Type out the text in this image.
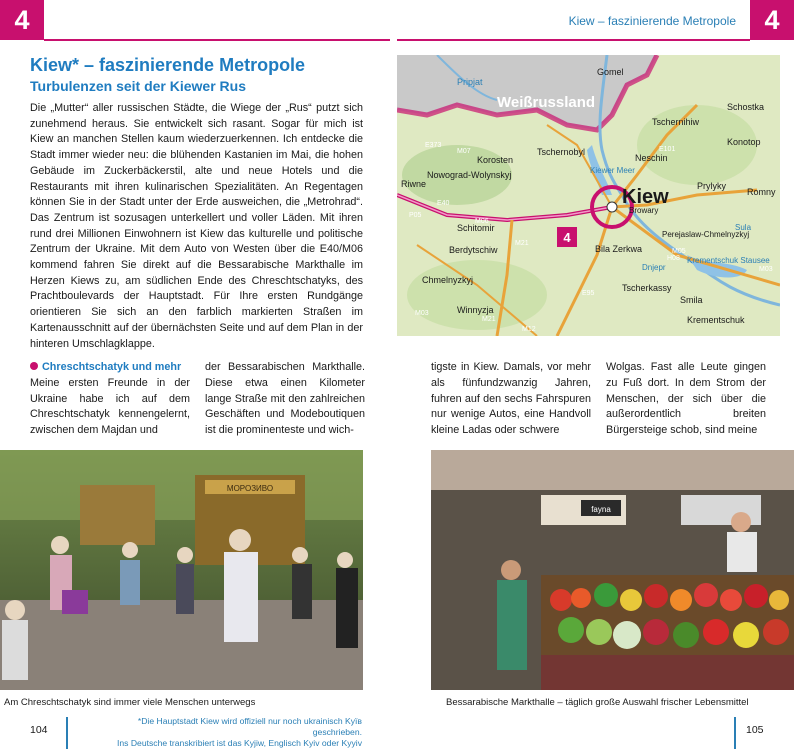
4	4
Kiew – faszinierende Metropole
Kiew* – faszinierende Metropole
Turbulenzen seit der Kiewer Rus

Die „Mutter“ aller russischen Städte, die Wiege der „Rus“ putzt sich zunehmend heraus. Sie entwickelt sich rasant. Sogar für mich ist Kiew an manchen Stellen kaum wiederzuerkennen. Ich entdecke die Stadt immer wieder neu: die blühenden Kastanien im Mai, die hohen Gebäude im Zuckerbäckerstil, alte und neue Hotels und die Restaurants mit ihren kulinarischen Spezialitäten. An Regentagen können Sie in der Stadt unter der Erde ausweichen, die „Metrohrad“. Das Zentrum ist sozusagen unterkellert und voller Läden. Mit ihren rund drei Millionen Einwohnern ist Kiew das kulturelle und politische Zentrum der Ukraine. Mit dem Auto von Westen über die E40/M06 kommend fahren Sie direkt auf die Bessarabische Markthalle im Herzen Kiews zu, am südlichen Ende des Chreschtschatyks, des Prachtboulevards der Hauptstadt. Für Ihre ersten Rundgänge orientieren Sie sich an den farblich markierten Straßen im Kartenausschnitt auf der übernächsten Seite und auf dem Plan in der hinteren Umschlagklappe.

Weißrussland
Kiew
4
Gomel
Pripjat
Schostka
Tschernihiw
Konotop
Tschernobyl
Korosten
Nowograd-Wolynskyj
Neschin
Kiewer Meer
Romny
Prylyky
Browary
Riwne
Schitomir
Berdytschiw
Perejaslaw-Chmelnyzkyj
Bila Zerkwa
Chmelnyzkyj
Tscherkassy
Krementschuk Stausee
Winnyzja
Smila
Krementschuk
Dnjepr
Sula
M07
E373
E40
M06
P05
M21
E95
M05
H08
E101
M03
M12
M21
M03
Chreschtschatyk und mehr
Meine ersten Freunde in der Ukraine habe ich auf dem Chreschtschatyk kennengelernt, zwischen dem Majdan und
der Bessarabischen Markthalle. Diese etwa einen Kilometer lange Straße mit den zahlreichen Geschäften und Modeboutiquen ist die prominenteste und wich-
tigste in Kiew. Damals, vor mehr als fünfundzwanzig Jahren, fuhren auf den sechs Fahrspuren nur wenige Autos, eine Handvoll kleine Ladas oder schwere
Wolgas. Fast alle Leute gingen zu Fuß dort. In dem Strom der Menschen, der sich über die außerordentlich breiten Bürgersteige schob, sind meine
МОРОЗИВО
Am Chreschtschatyk sind immer viele Menschen unterwegs
fayna
Bessarabische Markthalle – täglich große Auswahl frischer Lebensmittel
104
*Die Hauptstadt Kiew wird offiziell nur noch ukrainisch Kyïв geschrieben.
Ins Deutsche transkribiert ist das Kyjiw, Englisch Kyiv oder Kyyiv
105
